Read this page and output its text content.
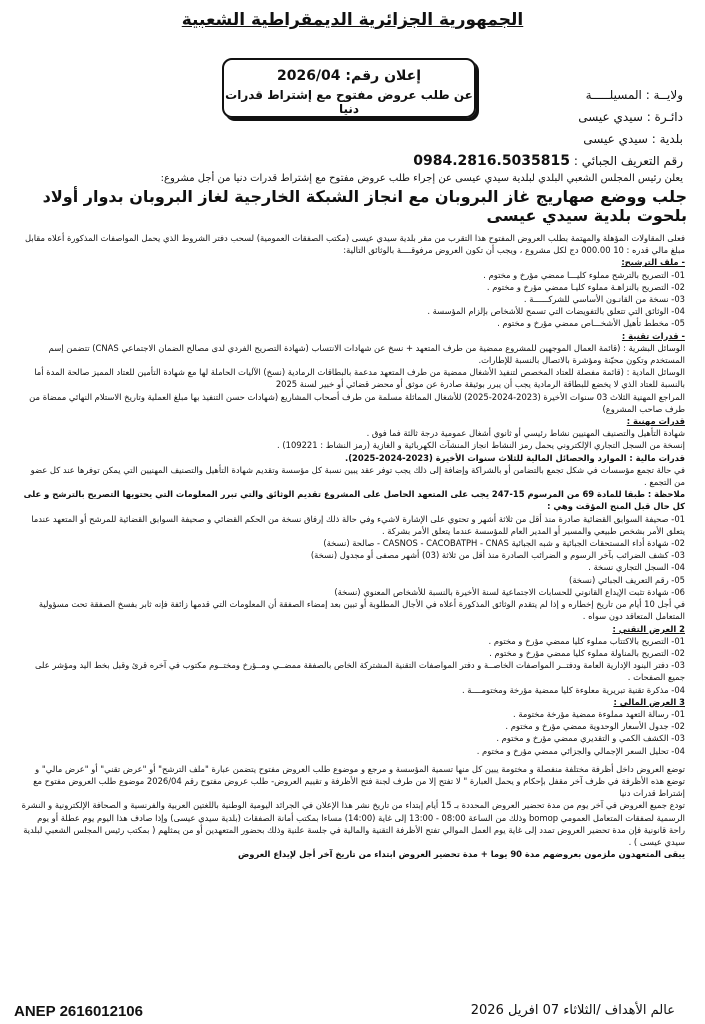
الجمهورية الجزائرية الديمقراطية الشعبية
إعلان رقم: 2026/04
عن طلب عروض مفتوح مع إشتراط قدرات دنيا
ولايــة : المسيلـــــة
دائـرة : سيدي عيسى
بلدية : سيدي عيسى
رقم التعريف الجبائي : 0984.2816.5035815
يعلن رئيس المجلس الشعبي البلدي لبلدية سيدي عيسى عن إجراء طلب عروض مفتوح مع إشتراط قدرات دنيا من أجل مشروع:
جلب ووضع صهاريج غاز البروبان مع انجاز الشبكة الخارجية لغاز البروبان بدوار أولاد بلحوت بلدية سيدي عيسى

فعلى المقاولات المؤهلة والمهتمة بطلب العروض المفتوح هذا التقرب من مقر بلدية سيدي عيسى (مكتب الصفقات العمومية) لسحب دفتر الشروط الذي يحمل المواصفات المذكورة أعلاه مقابل مبلغ مالي قدره : 10 000.00 دج لكل مشروع ، ويجب أن تكون العروض مرفوقــــة بالوثائق التالية:

- ملف الترشيح:

01- التصريح بالترشح مملوء كليـــا ممضي مؤرخ و مختوم .

02- التصريح بالنزاهـة مملوء كليـا ممضي مؤرخ و مختوم .

03- نسخة من القانـون الأساسي للشركــــــة .

04- الوثائق التي تتعلق بالتفويضات التي تسمح للأشخاص بإلزام المؤسسة .

05- مخطط تأهيل الأشخـــاص ممضي مؤرخ و مختوم .

- قدرات تقنية :

الوسائل البشرية : (قائمة العمال الموجهين للمشروع ممضية من طرف المتعهد + نسخ عن شهادات الانتساب (شهادة التصريح الفردي لدى مصالح الضمان الاجتماعي CNAS) تتضمن إسم المستخدم وتكون محيّنة ومؤشرة بالاتصال بالنسبة للإطارات.

الوسائل المادية : (قائمة مفصلة للعتاد المخصص لتنفيذ الأشغال ممضية من طرف المتعهد مدعمة بالبطاقات الرمادية (نسخ) الآليات الحاملة لها مع شهادة التأمين للعتاد المميز صالحة المدة أما بالنسبة للعتاد الذي لا يخضع للبطاقة الرمادية يجب أن يبرر بوثيقة صادرة عن موثق أو محضر قضائي أو خبير لسنة 2025

المراجع المهنية الثلاث 03 سنوات الأخيرة (2023-2024-2025) للأشغال المماثلة مسلمة من طرف أصحاب المشاريع (شهادات حسن التنفيذ بها مبلغ العملية وتاريخ الاستلام النهائي ممضاة من طرف صاحب المشروع)

قدرات مهنية :

شهادة التأهيل والتصنيف المهنيين نشاط رئيسي أو ثانوي أشغال عمومية درجة ثالثة فما فوق .

إنسخة من السجل التجاري الإلكتروني يحمل رمز النشاط انجاز المنشآت الكهربائية و الغازية (رمز النشاط : 109221) .

قدرات مالية : الموارد والحصائل المالية للثلاث سنوات الأخيرة (2023-2024-2025).

في حالة تجمع مؤسسات في شكل تجمع بالتضامن أو بالشراكة وإضافة إلى ذلك يجب توفر عقد يبين نسبة كل مؤسسة وتقديم شهادة التأهيل والتصنيف المهنيين التي يمكن توفرها عند كل عضو من التجمع .

ملاحظة : طبقا للمادة 69 من المرسوم 15-247 يجب على المتعهد الحاصل على المشروع تقديم الوثائق والتي تبرر المعلومات التي يحتويها التصريح بالترشح و على كل حال قبل المنح المؤقت وهي :

01- صحيفة السوابق القضائية صادرة منذ أقل من ثلاثة أشهر و تحتوي على الإشارة لاشيء وفي حالة ذلك إرفاق نسخة من الحكم القضائي و صحيفة السوابق القضائية للمرشح أو المتعهد عندما يتعلق الأمر بشخص طبيعي والمسير أو المدير العام للمؤسسة عندما يتعلق الأمر بشركة .

02- شهادة أداء المستحقات الجبائية و شبه الجبائية CASNOS - CACOBATPH - CNAS - صالحة (نسخة)

03- كشف الضرائب بآخر الرسوم و الضرائب الصادرة منذ أقل من ثلاثة (03) أشهر مصفى أو مجدول (نسخة)

04- السجل التجاري نسخة .

05- رقم التعريف الجبائي (نسخة)

06- شهادة تثبت الإيداع القانوني للحسابات الاجتماعية لسنة الأخيرة بالنسبة للأشخاص المعنوي (نسخة)

في أجل 10 أيام من تاريخ إخطاره و إذا لم يتقدم الوثائق المذكورة أعلاه في الأجال المطلوبة أو تبين بعد إمضاء الصفقة أن المعلومات التي قدمها زائفة فإنه ثابر بفسخ الصفقة تحت مسؤولية المتعامل المتعاقد دون سواه .

2 العرض التقني :

01- التصريح بالاكتتاب مملوء كليا ممضي مؤرخ و مختوم .

02- التصريح بالمناولة مملوء كليا ممضي مؤرخ و مختوم .

03- دفتر البنود الإدارية العامة ودفتــر المواصفات الخاصــة و دفتر المواصفات التقنية المشتركة الخاص بالصفقة ممضــي ومــؤرخ ومختــوم مكتوب في آخره قرئ وقبل بخط اليد ومؤشر على جميع الصفحات .

04- مذكرة تقنية تبريرية معلوءة كليا ممضية مؤرخة ومختومــــة .

3 العرض المالي :

01- رسالة التعهد مملوءة ممضية مؤرخة مختومة .

02- جدول الأسعار الوحدوية ممضي مؤرخ و مختوم .

03- الكشف الكمي و التقديري ممضي مؤرخ و مختوم .

04- تحليل السعر الإجمالي والجزائي ممضي مؤرخ و مختوم .

توضع العروض داخل أظرفة مختلفة منفصلة و مختومة يبين كل منها تسمية المؤسسة و مرجع و موضوع طلب العروض مفتوح يتضمن عبارة "ملف الترشح" أو "عرض تقني" أو "عرض مالي" و توضع هذه الأظرفة في ظرف آخر مقفل بإحكام و يحمل العبارة " لا تفتح إلا من طرف لجنة فتح الأظرفة و تقييم العروض- طلب عروض مفتوح رقم 2026/04 موضوع طلب العروض مفتوح مع إشتراط قدرات دنيا

تودع جميع العروض في آخر يوم من مدة تحضير العروض المحددة بـ 15 أيام إبتداء من تاريخ نشر هذا الإعلان في الجرائد اليومية الوطنية باللغتين العربية والفرنسية و الصحافة الإلكترونية و النشرة الرسمية لصفقات المتعامل العمومي bomop وذلك من الساعة 08:00 - 13:00 إلى غاية (14:00) مساءا بمكتب أمانة الصفقات (بلدية سيدي عيسى) وإذا صادف هذا اليوم يوم عطلة أو يوم راحة قانونية فإن مدة تحضير العروض تمدد إلى غاية يوم العمل الموالي تفتح الأظرفة التقنية والمالية في جلسة علنية وذلك بحضور المتعهدين أو من يمثلهم ( بمكتب رئيس المجلس الشعبي لبلدية سيدي عيسى ) .

يبقى المتعهدون ملزمون بعروضهم مدة 90 يوما + مدة تحضير العروض ابتداء من تاريخ آخر أجل لإيداع العروض

ANEP 2616012106	عالم الأهداف /الثلاثاء 07 افريل 2026
